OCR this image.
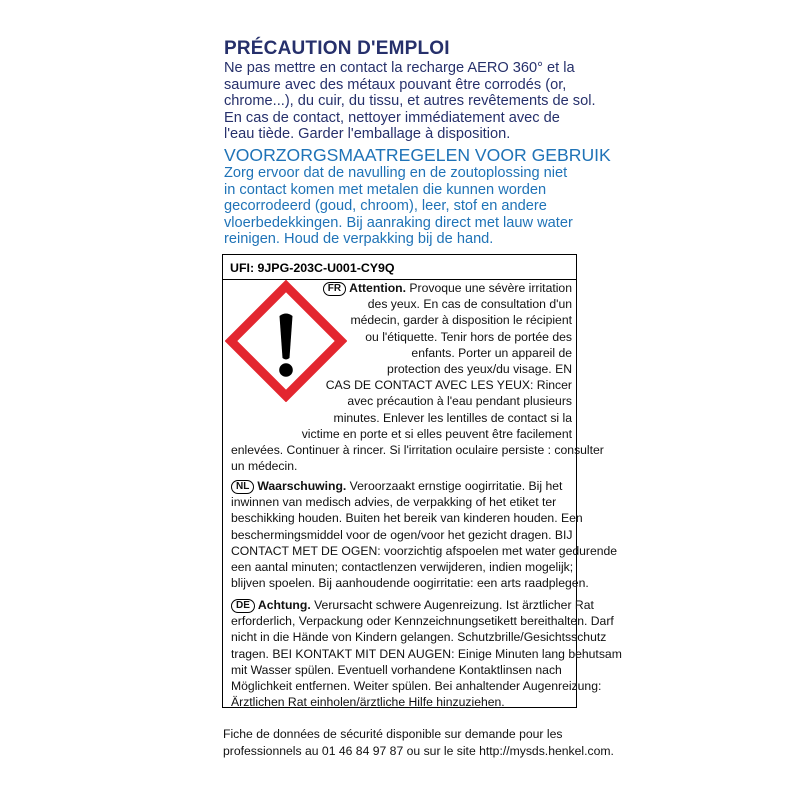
PRÉCAUTION D'EMPLOI
Ne pas mettre en contact la recharge AERO 360° et la
saumure avec des métaux pouvant être corrodés (or,
chrome...), du cuir, du tissu, et autres revêtements de sol.
En cas de contact, nettoyer immédiatement avec de
l'eau tiède. Garder l'emballage à disposition.
VOORZORGSMAATREGELEN VOOR GEBRUIK
Zorg ervoor dat de navulling en de zoutoplossing niet
in contact komen met metalen die kunnen worden
gecorrodeerd (goud, chroom), leer, stof en andere
vloerbedekkingen. Bij aanraking direct met lauw water
reinigen. Houd de verpakking bij de hand.
UFI: 9JPG-203C-U001-CY9Q
FR Attention. Provoque une sévère irritation
des yeux. En cas de consultation d'un
médecin, garder à disposition le récipient
ou l'étiquette. Tenir hors de portée des
enfants. Porter un appareil de
protection des yeux/du visage. EN
CAS DE CONTACT AVEC LES YEUX: Rincer
avec précaution à l'eau pendant plusieurs
minutes. Enlever les lentilles de contact si la
victime en porte et si elles peuvent être facilement
enlevées. Continuer à rincer. Si l'irritation oculaire persiste : consulter
un médecin.
NL Waarschuwing. Veroorzaakt ernstige oogirritatie. Bij het
inwinnen van medisch advies, de verpakking of het etiket ter
beschikking houden. Buiten het bereik van kinderen houden. Een
beschermingsmiddel voor de ogen/voor het gezicht dragen. BIJ
CONTACT MET DE OGEN: voorzichtig afspoelen met water gedurende
een aantal minuten; contactlenzen verwijderen, indien mogelijk;
blijven spoelen. Bij aanhoudende oogirritatie: een arts raadplegen.
DE Achtung. Verursacht schwere Augenreizung. Ist ärztlicher Rat
erforderlich, Verpackung oder Kennzeichnungsetikett bereithalten. Darf
nicht in die Hände von Kindern gelangen. Schutzbrille/Gesichtsschutz
tragen. BEI KONTAKT MIT DEN AUGEN: Einige Minuten lang behutsam
mit Wasser spülen. Eventuell vorhandene Kontaktlinsen nach
Möglichkeit entfernen. Weiter spülen. Bei anhaltender Augenreizung:
Ärztlichen Rat einholen/ärztliche Hilfe hinzuziehen.
Fiche de données de sécurité disponible sur demande pour les
professionnels au 01 46 84 97 87 ou sur le site http://mysds.henkel.com.
